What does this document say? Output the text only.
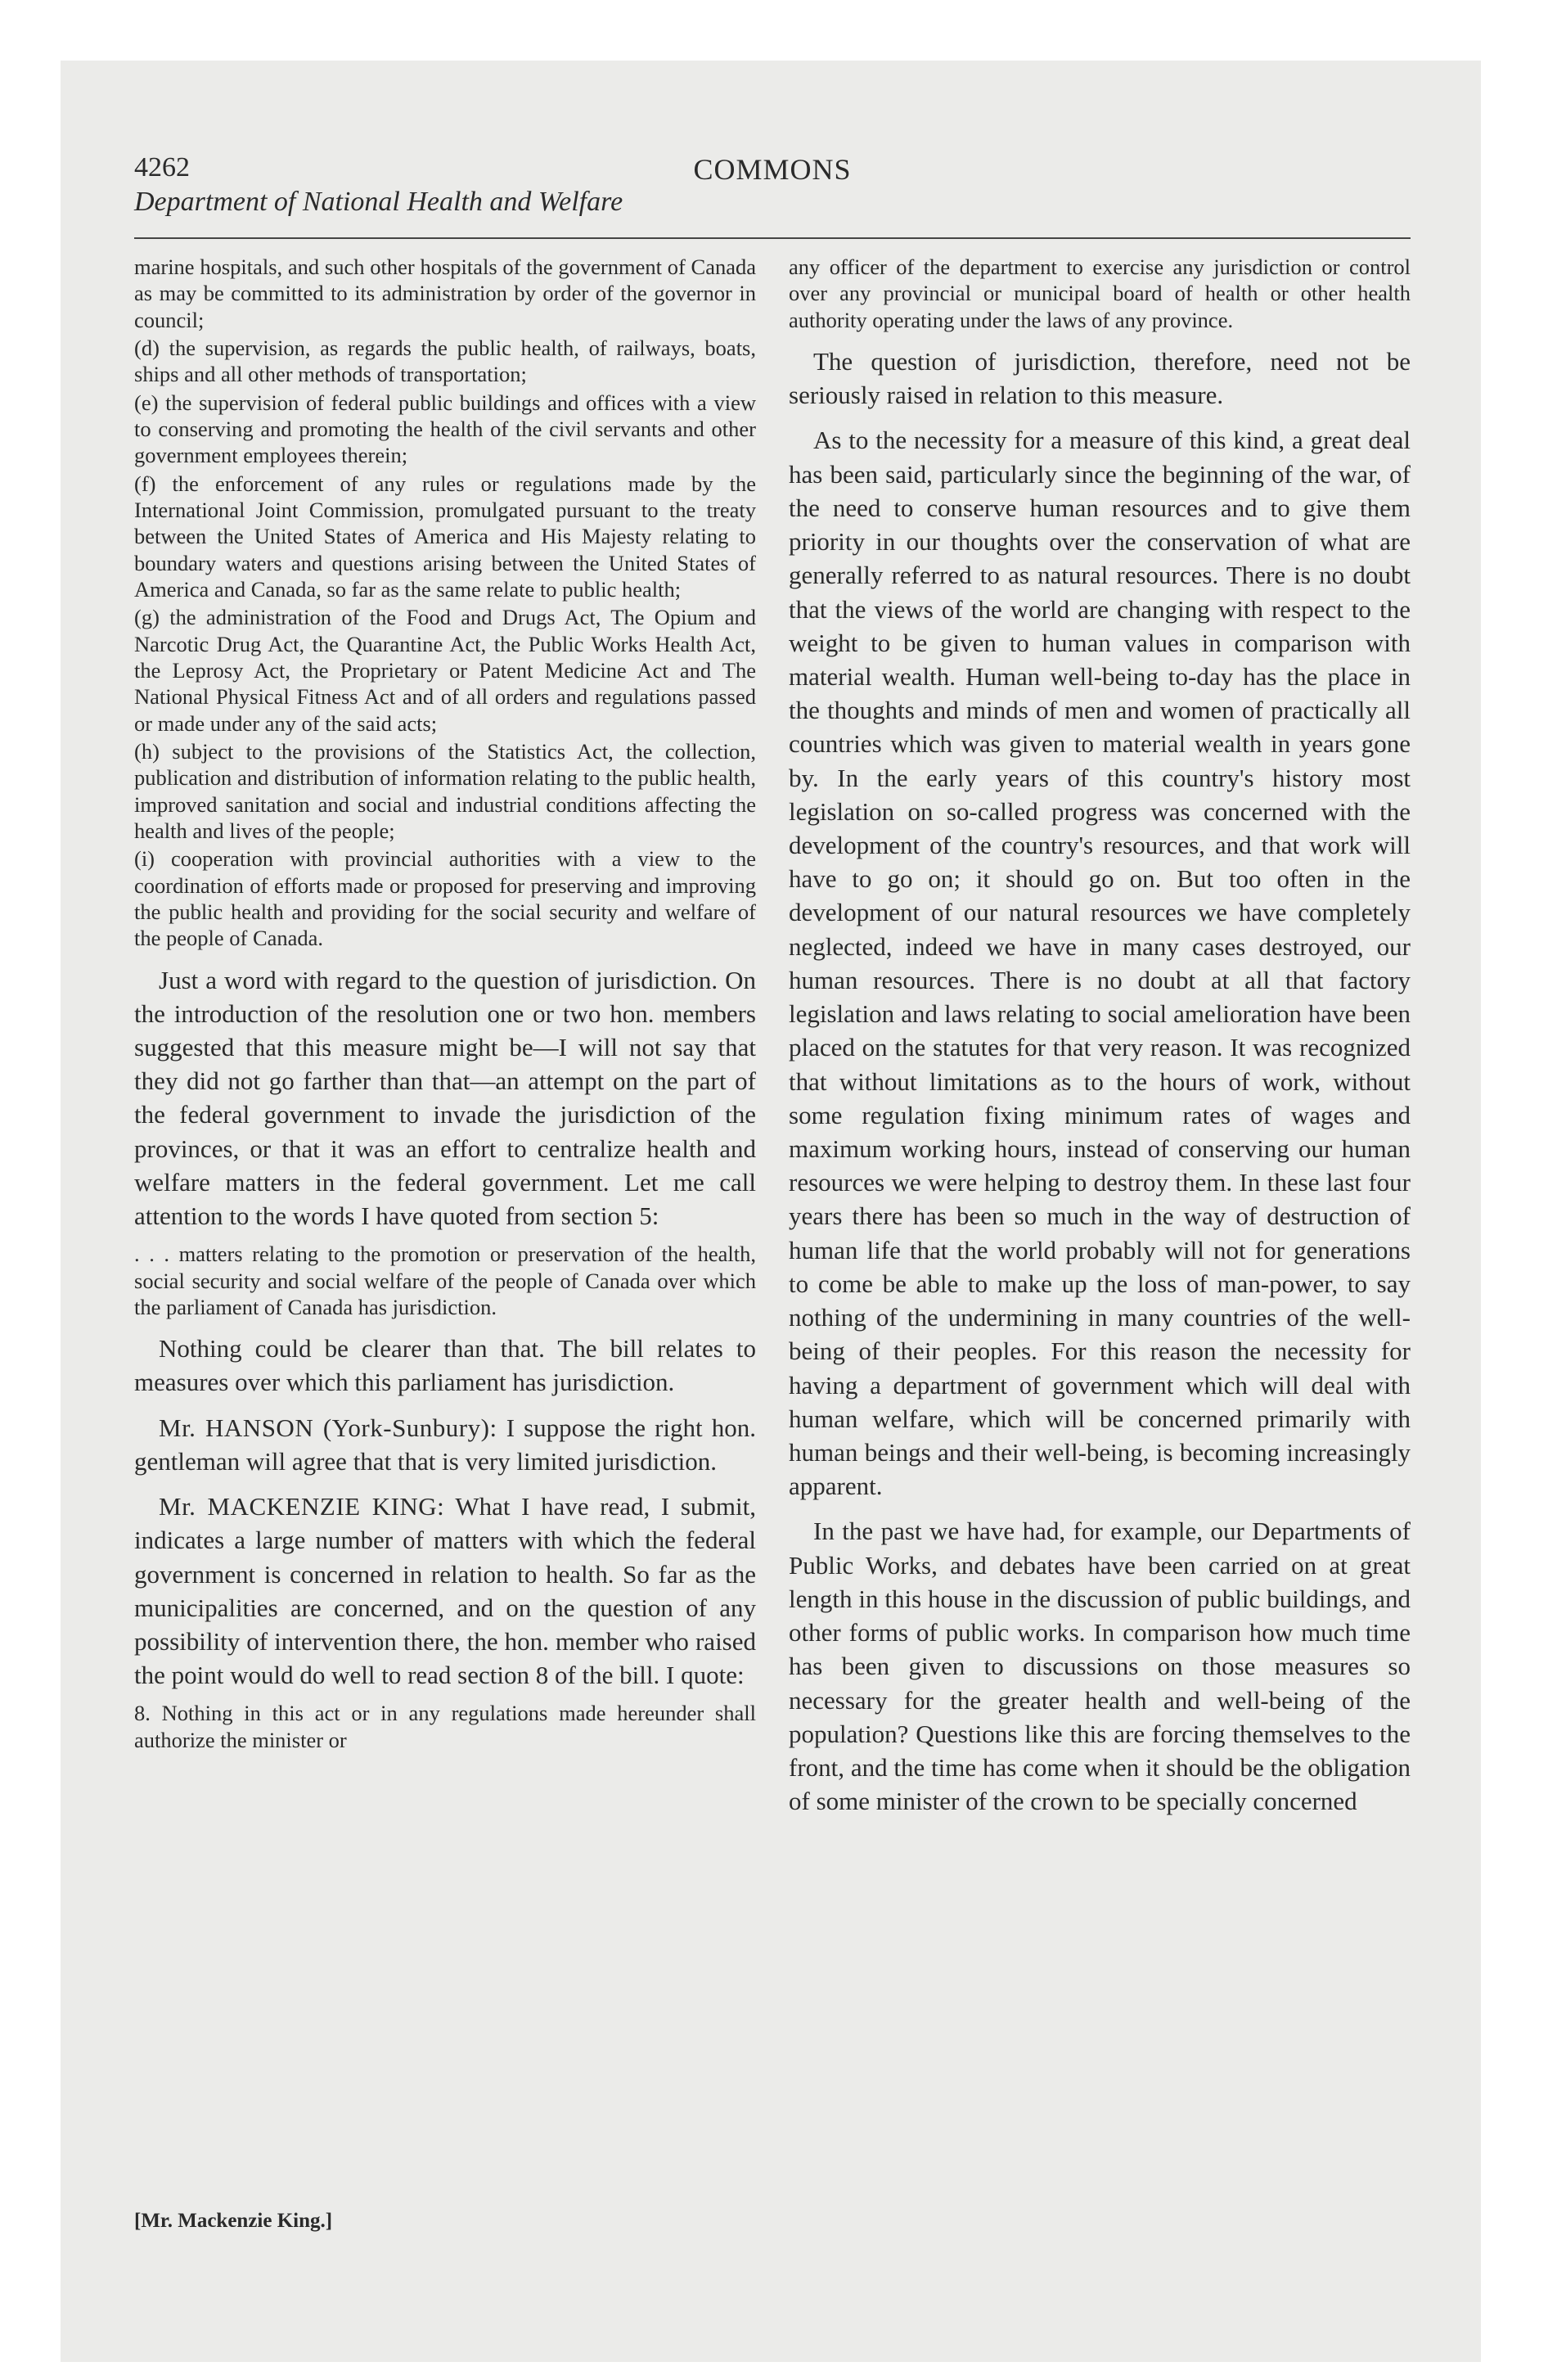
4262	COMMONS
Department of National Health and Welfare

marine hospitals, and such other hospitals of the government of Canada as may be committed to its administration by order of the governor in council;

(d) the supervision, as regards the public health, of railways, boats, ships and all other methods of transportation;

(e) the supervision of federal public buildings and offices with a view to conserving and promoting the health of the civil servants and other government employees therein;

(f) the enforcement of any rules or regulations made by the International Joint Commission, promulgated pursuant to the treaty between the United States of America and His Majesty relating to boundary waters and questions arising between the United States of America and Canada, so far as the same relate to public health;

(g) the administration of the Food and Drugs Act, The Opium and Narcotic Drug Act, the Quarantine Act, the Public Works Health Act, the Leprosy Act, the Proprietary or Patent Medicine Act and The National Physical Fitness Act and of all orders and regulations passed or made under any of the said acts;

(h) subject to the provisions of the Statistics Act, the collection, publication and distribution of information relating to the public health, improved sanitation and social and industrial conditions affecting the health and lives of the people;

(i) cooperation with provincial authorities with a view to the coordination of efforts made or proposed for preserving and improving the public health and providing for the social security and welfare of the people of Canada.

Just a word with regard to the question of jurisdiction. On the introduction of the resolution one or two hon. members suggested that this measure might be—I will not say that they did not go farther than that—an attempt on the part of the federal government to invade the jurisdiction of the provinces, or that it was an effort to centralize health and welfare matters in the federal government. Let me call attention to the words I have quoted from section 5:

. . . matters relating to the promotion or preservation of the health, social security and social welfare of the people of Canada over which the parliament of Canada has jurisdiction.

Nothing could be clearer than that. The bill relates to measures over which this parliament has jurisdiction.

Mr. HANSON (York-Sunbury): I suppose the right hon. gentleman will agree that that is very limited jurisdiction.

Mr. MACKENZIE KING: What I have read, I submit, indicates a large number of matters with which the federal government is concerned in relation to health. So far as the municipalities are concerned, and on the question of any possibility of intervention there, the hon. member who raised the point would do well to read section 8 of the bill. I quote:

8. Nothing in this act or in any regulations made hereunder shall authorize the minister or

any officer of the department to exercise any jurisdiction or control over any provincial or municipal board of health or other health authority operating under the laws of any province.

The question of jurisdiction, therefore, need not be seriously raised in relation to this measure.

As to the necessity for a measure of this kind, a great deal has been said, particularly since the beginning of the war, of the need to conserve human resources and to give them priority in our thoughts over the conservation of what are generally referred to as natural resources. There is no doubt that the views of the world are changing with respect to the weight to be given to human values in comparison with material wealth. Human well-being to-day has the place in the thoughts and minds of men and women of practically all countries which was given to material wealth in years gone by. In the early years of this country's history most legislation on so-called progress was concerned with the development of the country's resources, and that work will have to go on; it should go on. But too often in the development of our natural resources we have completely neglected, indeed we have in many cases destroyed, our human resources. There is no doubt at all that factory legislation and laws relating to social amelioration have been placed on the statutes for that very reason. It was recognized that without limitations as to the hours of work, without some regulation fixing minimum rates of wages and maximum working hours, instead of conserving our human resources we were helping to destroy them. In these last four years there has been so much in the way of destruction of human life that the world probably will not for generations to come be able to make up the loss of man-power, to say nothing of the undermining in many countries of the well-being of their peoples. For this reason the necessity for having a department of government which will deal with human welfare, which will be concerned primarily with human beings and their well-being, is becoming increasingly apparent.

In the past we have had, for example, our Departments of Public Works, and debates have been carried on at great length in this house in the discussion of public buildings, and other forms of public works. In comparison how much time has been given to discussions on those measures so necessary for the greater health and well-being of the population? Questions like this are forcing themselves to the front, and the time has come when it should be the obligation of some minister of the crown to be specially concerned

[Mr. Mackenzie King.]
